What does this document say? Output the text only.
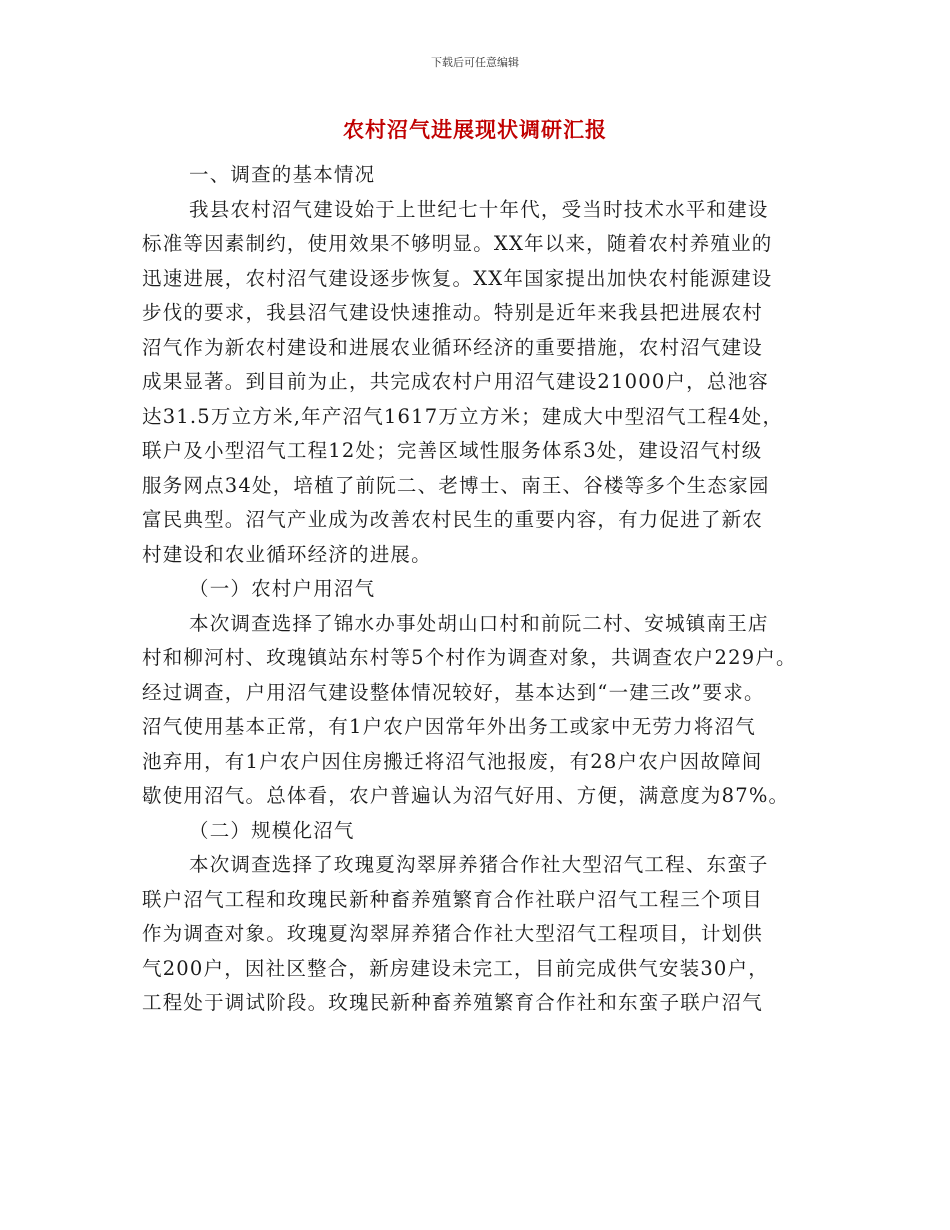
下载后可任意编辑
农村沼气进展现状调研汇报
一、调查的基本情况
我县农村沼气建设始于上世纪七十年代，受当时技术水平和建设
标准等因素制约，使用效果不够明显。XX年以来，随着农村养殖业的
迅速进展，农村沼气建设逐步恢复。XX年国家提出加快农村能源建设
步伐的要求，我县沼气建设快速推动。特别是近年来我县把进展农村
沼气作为新农村建设和进展农业循环经济的重要措施，农村沼气建设
成果显著。到目前为止，共完成农村户用沼气建设21000户，总池容
达31.5万立方米,年产沼气1617万立方米；建成大中型沼气工程4处，
联户及小型沼气工程12处；完善区域性服务体系3处，建设沼气村级
服务网点34处，培植了前阮二、老博士、南王、谷楼等多个生态家园
富民典型。沼气产业成为改善农村民生的重要内容，有力促进了新农
村建设和农业循环经济的进展。
（一）农村户用沼气
本次调查选择了锦水办事处胡山口村和前阮二村、安城镇南王店
村和柳河村、玫瑰镇站东村等5个村作为调查对象，共调查农户229户。
经过调查，户用沼气建设整体情况较好，基本达到“一建三改”要求。
沼气使用基本正常，有1户农户因常年外出务工或家中无劳力将沼气
池弃用，有1户农户因住房搬迁将沼气池报废，有28户农户因故障间
歇使用沼气。总体看，农户普遍认为沼气好用、方便，满意度为87%。
（二）规模化沼气
本次调查选择了玫瑰夏沟翠屏养猪合作社大型沼气工程、东蛮子
联户沼气工程和玫瑰民新种畜养殖繁育合作社联户沼气工程三个项目
作为调查对象。玫瑰夏沟翠屏养猪合作社大型沼气工程项目，计划供
气200户，因社区整合，新房建设未完工，目前完成供气安装30户，
工程处于调试阶段。玫瑰民新种畜养殖繁育合作社和东蛮子联户沼气
